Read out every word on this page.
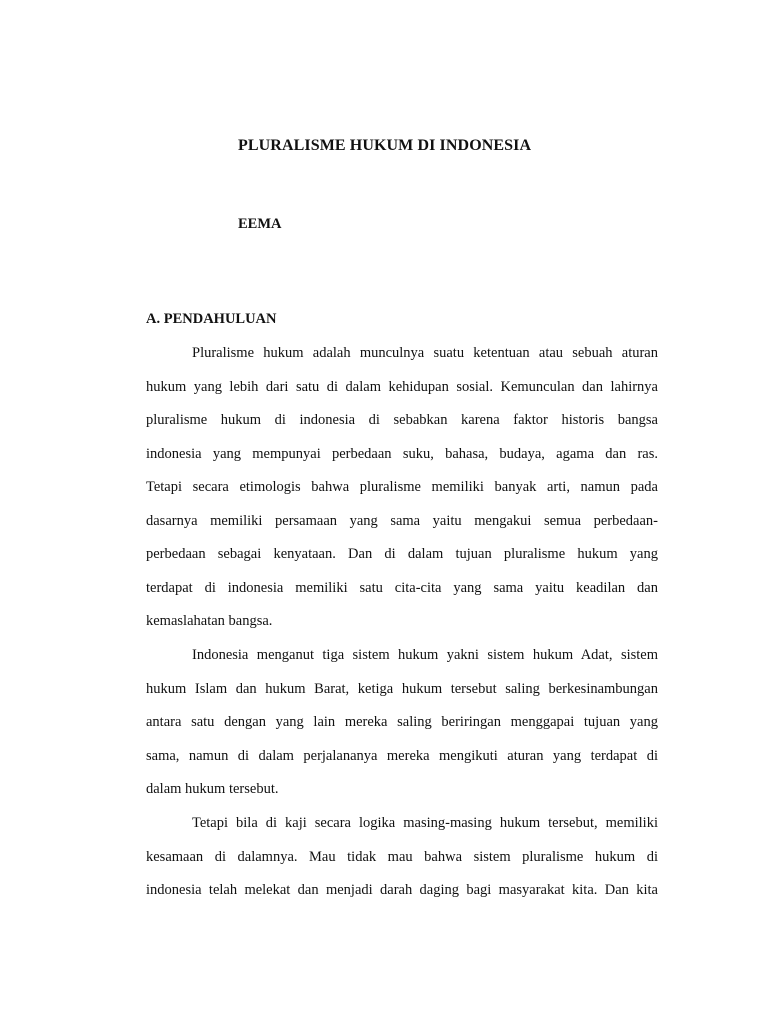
PLURALISME HUKUM DI INDONESIA
EEMA
A. PENDAHULUAN
Pluralisme hukum adalah munculnya suatu ketentuan atau sebuah aturan
hukum yang lebih dari satu di dalam kehidupan sosial. Kemunculan dan lahirnya
pluralisme hukum di indonesia di sebabkan karena faktor historis bangsa
indonesia yang mempunyai perbedaan suku, bahasa, budaya, agama dan ras.
Tetapi secara etimologis bahwa pluralisme memiliki banyak arti, namun pada
dasarnya memiliki persamaan yang sama yaitu mengakui semua perbedaan-
perbedaan sebagai kenyataan. Dan di dalam tujuan pluralisme hukum yang
terdapat di indonesia memiliki satu cita-cita yang sama yaitu keadilan dan
kemaslahatan bangsa.
Indonesia menganut tiga sistem hukum yakni sistem hukum Adat, sistem
hukum Islam dan hukum Barat, ketiga hukum tersebut saling berkesinambungan
antara satu dengan yang lain mereka saling beriringan menggapai tujuan yang
sama, namun di dalam perjalananya mereka mengikuti aturan yang terdapat di
dalam hukum tersebut.
Tetapi bila di kaji secara logika masing-masing hukum tersebut, memiliki
kesamaan di dalamnya. Mau tidak mau bahwa sistem pluralisme hukum di
indonesia telah melekat dan menjadi darah daging bagi masyarakat kita. Dan kita
